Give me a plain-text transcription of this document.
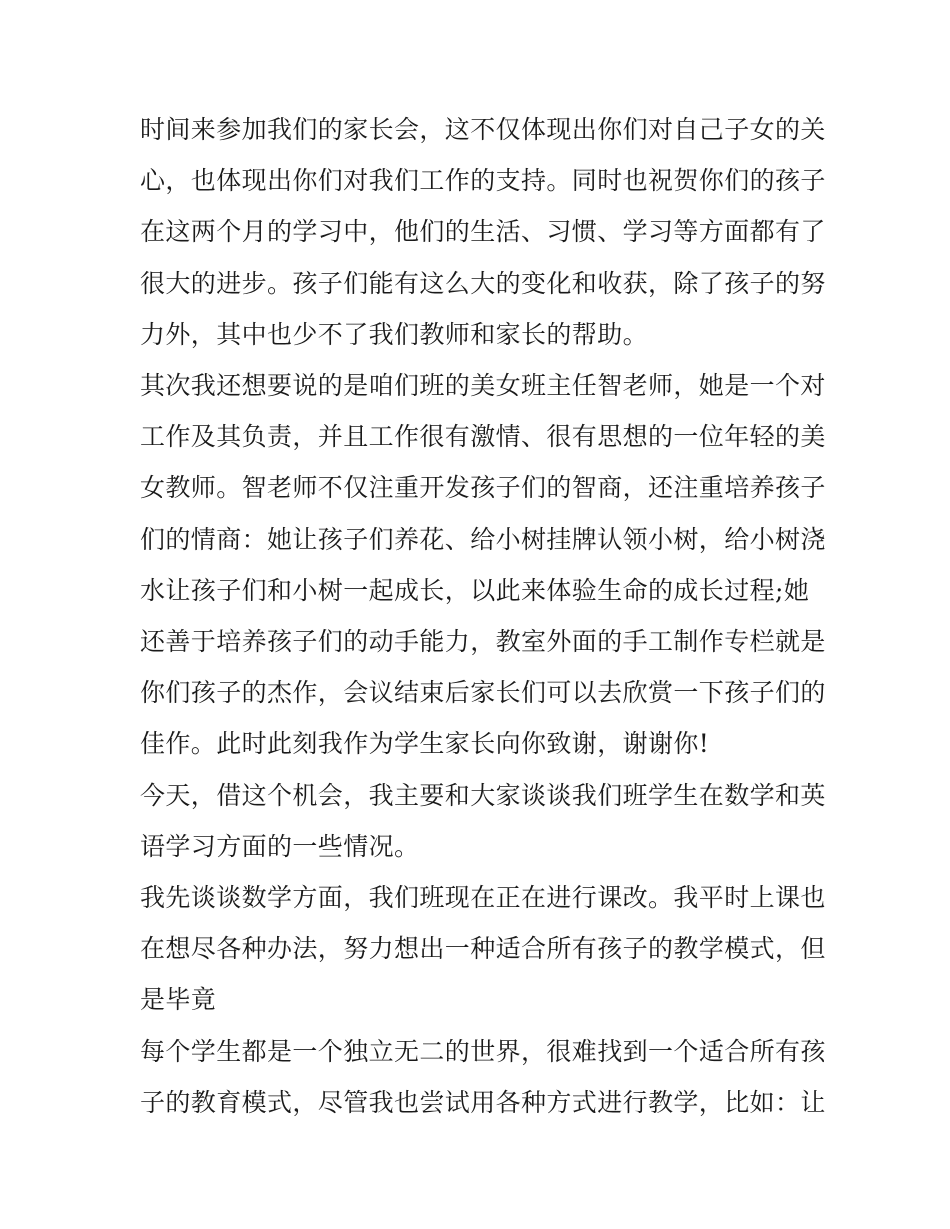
时间来参加我们的家长会，这不仅体现出你们对自己子女的关
心，也体现出你们对我们工作的支持。同时也祝贺你们的孩子
在这两个月的学习中，他们的生活、习惯、学习等方面都有了
很大的进步。孩子们能有这么大的变化和收获，除了孩子的努
力外，其中也少不了我们教师和家长的帮助。

其次我还想要说的是咱们班的美女班主任智老师，她是一个对
工作及其负责，并且工作很有激情、很有思想的一位年轻的美
女教师。智老师不仅注重开发孩子们的智商，还注重培养孩子
们的情商：她让孩子们养花、给小树挂牌认领小树，给小树浇
水让孩子们和小树一起成长，以此来体验生命的成长过程;她
还善于培养孩子们的动手能力，教室外面的手工制作专栏就是
你们孩子的杰作，会议结束后家长们可以去欣赏一下孩子们的
佳作。此时此刻我作为学生家长向你致谢，谢谢你!

今天，借这个机会，我主要和大家谈谈我们班学生在数学和英
语学习方面的一些情况。

我先谈谈数学方面，我们班现在正在进行课改。我平时上课也
在想尽各种办法，努力想出一种适合所有孩子的教学模式，但
是毕竟

每个学生都是一个独立无二的世界，很难找到一个适合所有孩
子的教育模式，尽管我也尝试用各种方式进行教学，比如：让
